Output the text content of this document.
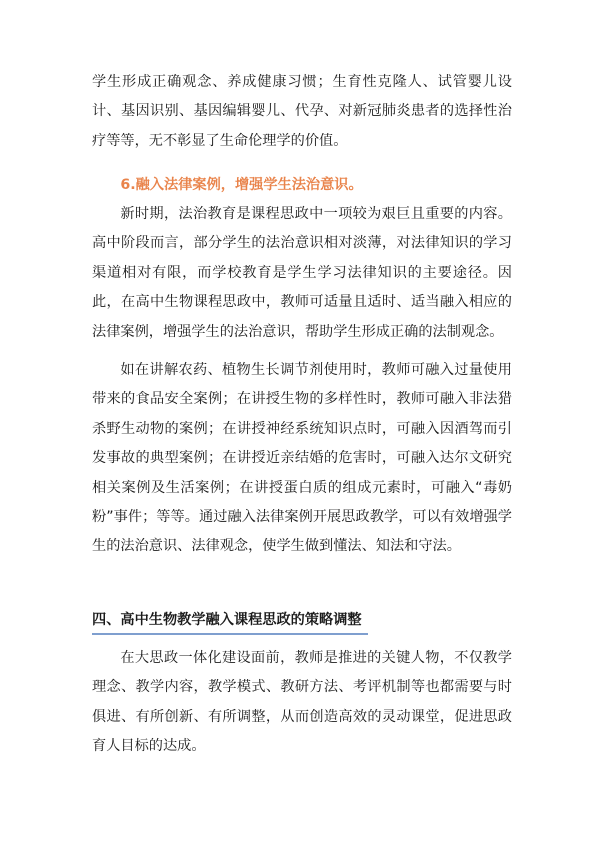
学生形成正确观念、养成健康习惯；生育性克隆人、试管婴儿设计、基因识别、基因编辑婴儿、代孕、对新冠肺炎患者的选择性治疗等等，无不彰显了生命伦理学的价值。

6.融入法律案例，增强学生法治意识。

新时期，法治教育是课程思政中一项较为艰巨且重要的内容。高中阶段而言，部分学生的法治意识相对淡薄，对法律知识的学习渠道相对有限，而学校教育是学生学习法律知识的主要途径。因此，在高中生物课程思政中，教师可适量且适时、适当融入相应的法律案例，增强学生的法治意识，帮助学生形成正确的法制观念。

如在讲解农药、植物生长调节剂使用时，教师可融入过量使用带来的食品安全案例；在讲授生物的多样性时，教师可融入非法猎杀野生动物的案例；在讲授神经系统知识点时，可融入因酒驾而引发事故的典型案例；在讲授近亲结婚的危害时，可融入达尔文研究相关案例及生活案例；在讲授蛋白质的组成元素时，可融入“毒奶粉”事件；等等。通过融入法律案例开展思政教学，可以有效增强学生的法治意识、法律观念，使学生做到懂法、知法和守法。

四、高中生物教学融入课程思政的策略调整

在大思政一体化建设面前，教师是推进的关键人物，不仅教学理念、教学内容，教学模式、教研方法、考评机制等也都需要与时俱进、有所创新、有所调整，从而创造高效的灵动课堂，促进思政育人目标的达成。
